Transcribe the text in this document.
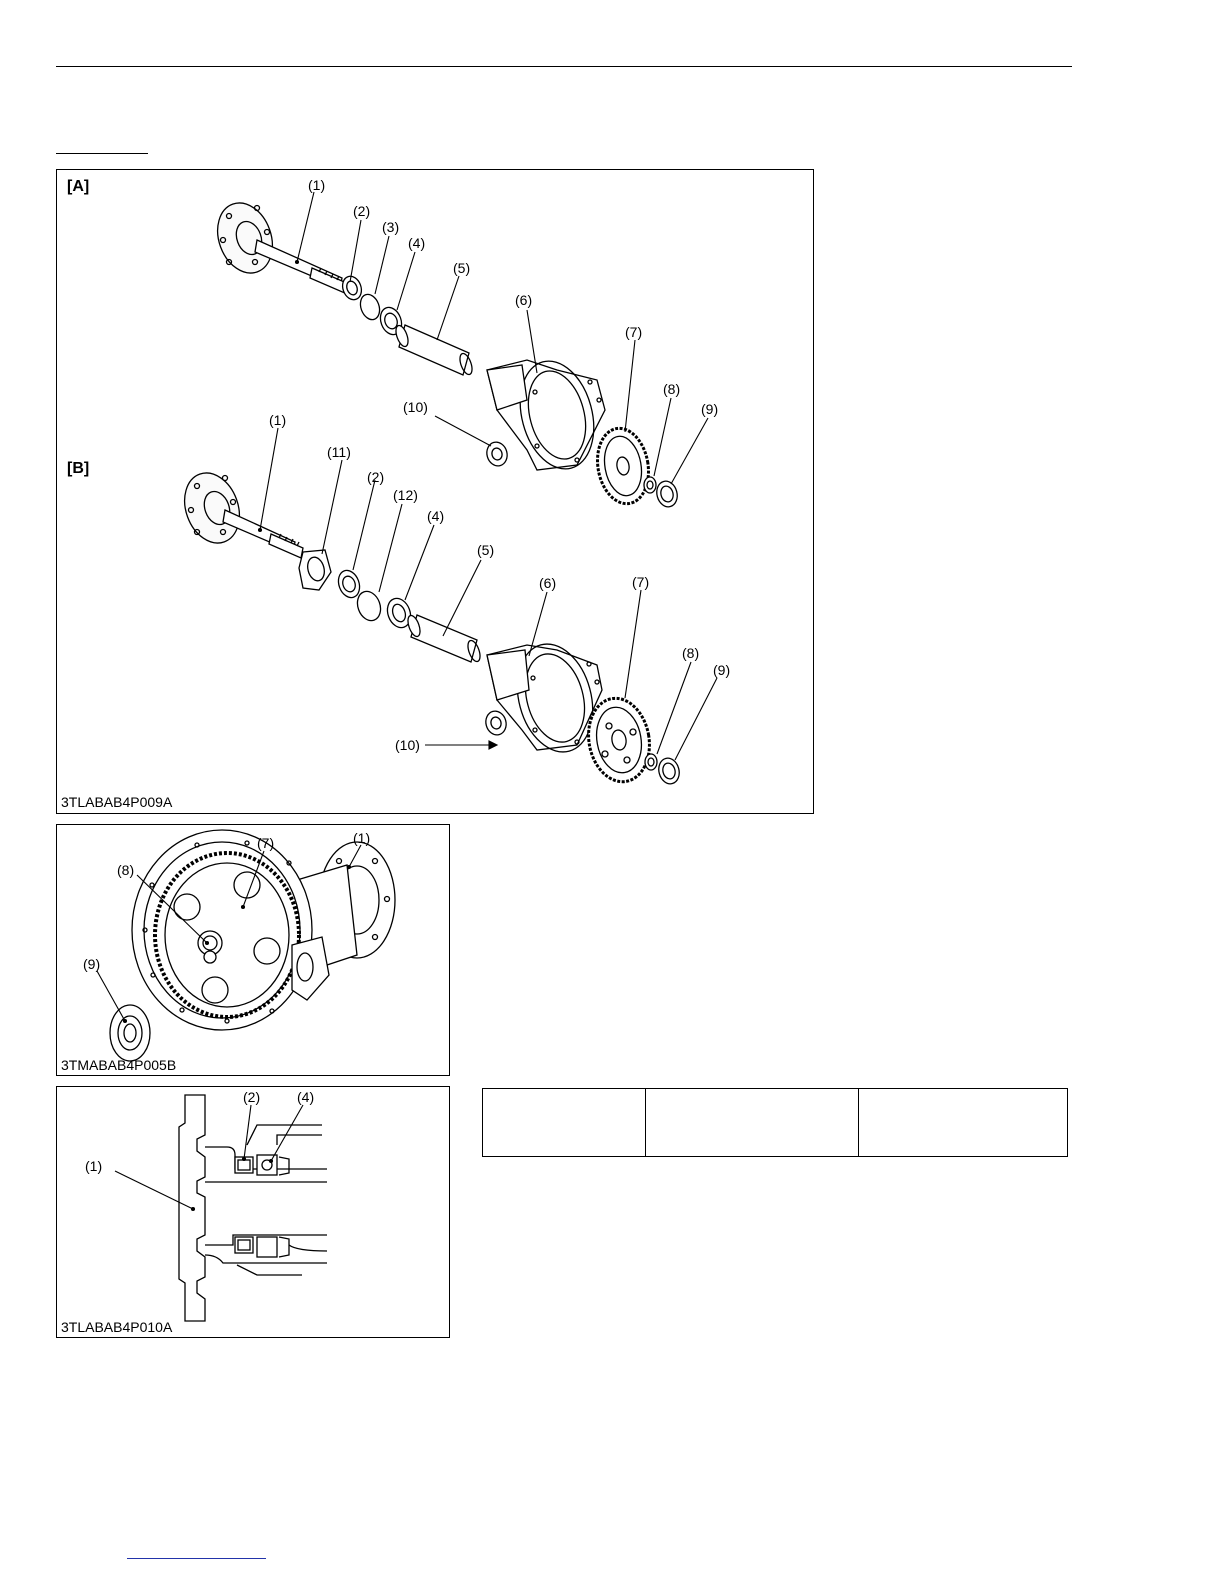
[A]
[B]
(1)
(2)
(3)
(4)
(5)
(6)
(7)
(8)
(9)
(10)
(1)
(11)
(2)
(12)
(4)
(5)
(6)	(7)
(8)
(9)
(10)
3TLABAB4P009A
(7)	(1)
(8)
(9)
3TMABAB4P005B
(2)	(4)
(1)
3TLABAB4P010A
